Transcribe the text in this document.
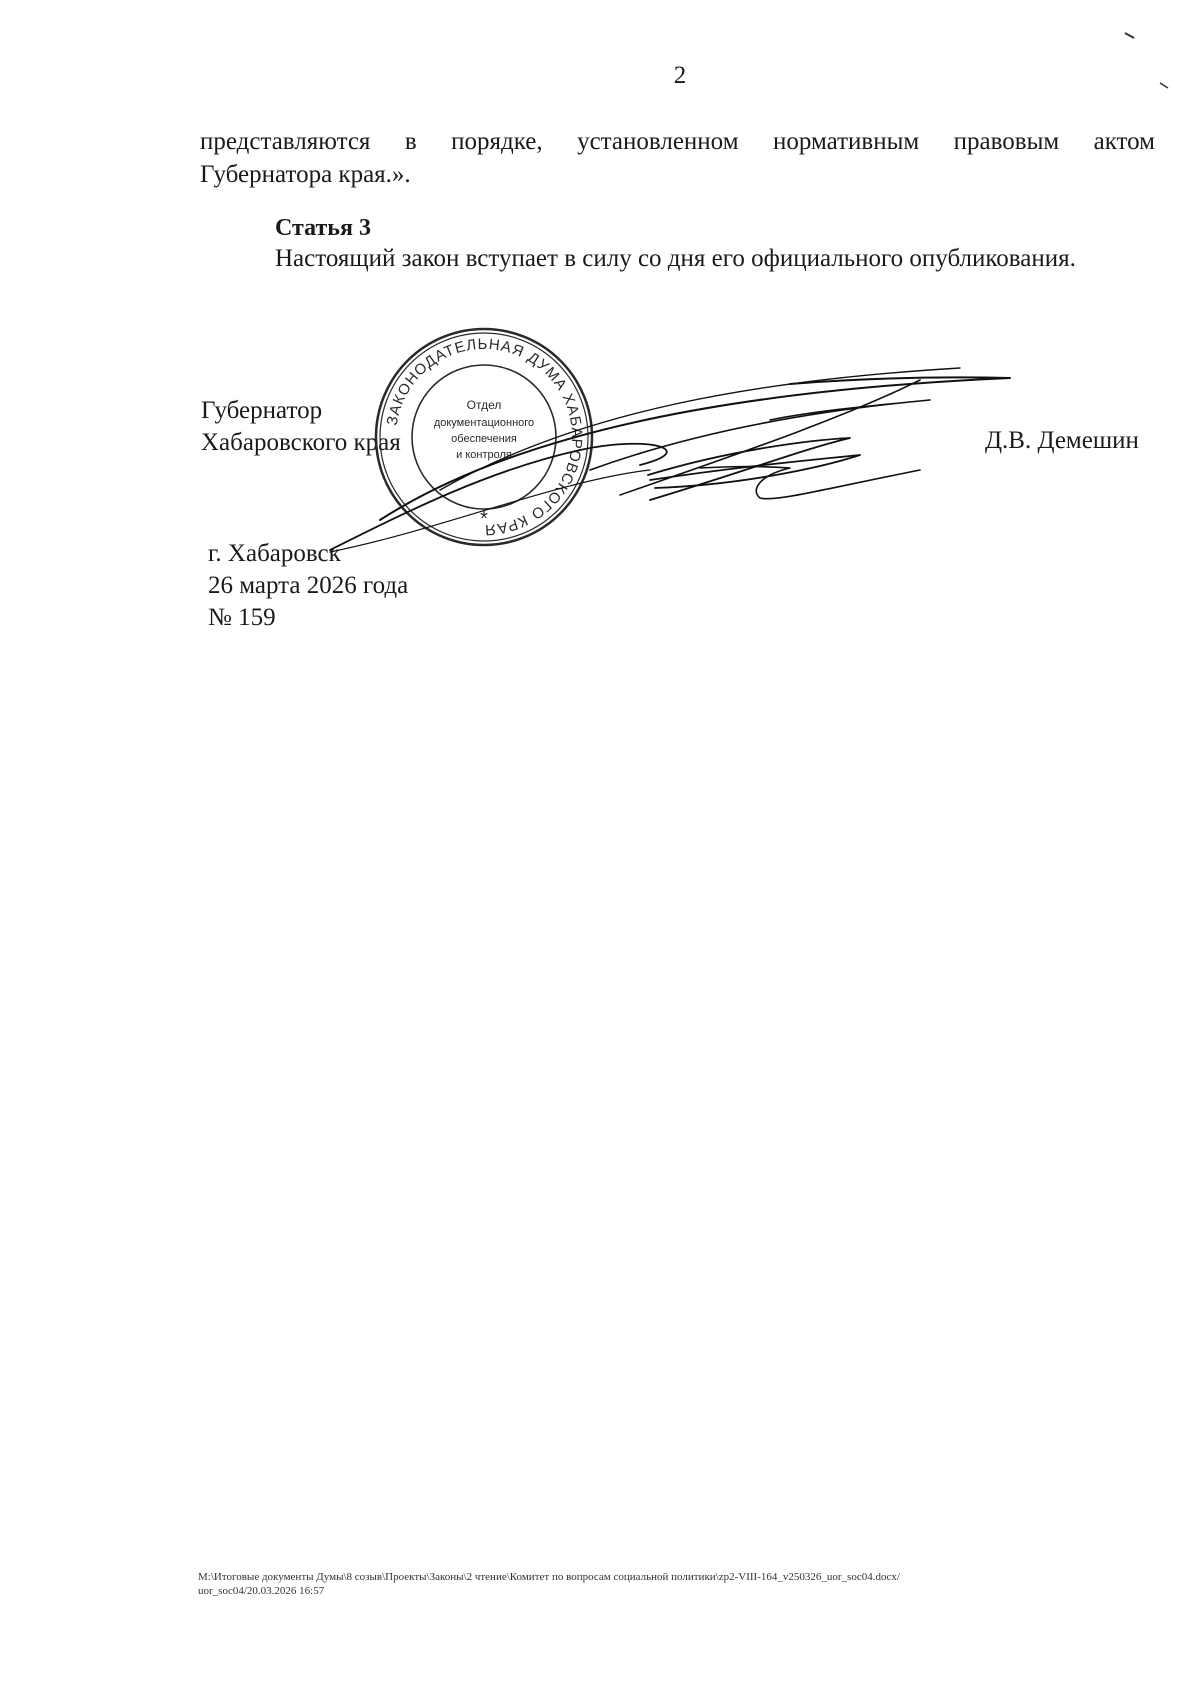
2
представляются в порядке, установленном нормативным правовым актом
Губернатора края.».
Статья 3
Настоящий закон вступает в силу со дня его официального опубликования.
Губернатор
Хабаровского края	Д.В. Демешин
г. Хабаровск
26 марта 2026 года
№ 159
ЗАКОНОДАТЕЛЬНАЯ ДУМА ХАБАРОВСКОГО КРАЯ
Отдел
документационного
обеспечения
и контроля
*
M:\Итоговые документы Думы\8 созыв\Проекты\Законы\2 чтение\Комитет по вопросам социальной политики\zp2-VIII-164_v250326_uor_soc04.docx/
uor_soc04/20.03.2026 16:57
